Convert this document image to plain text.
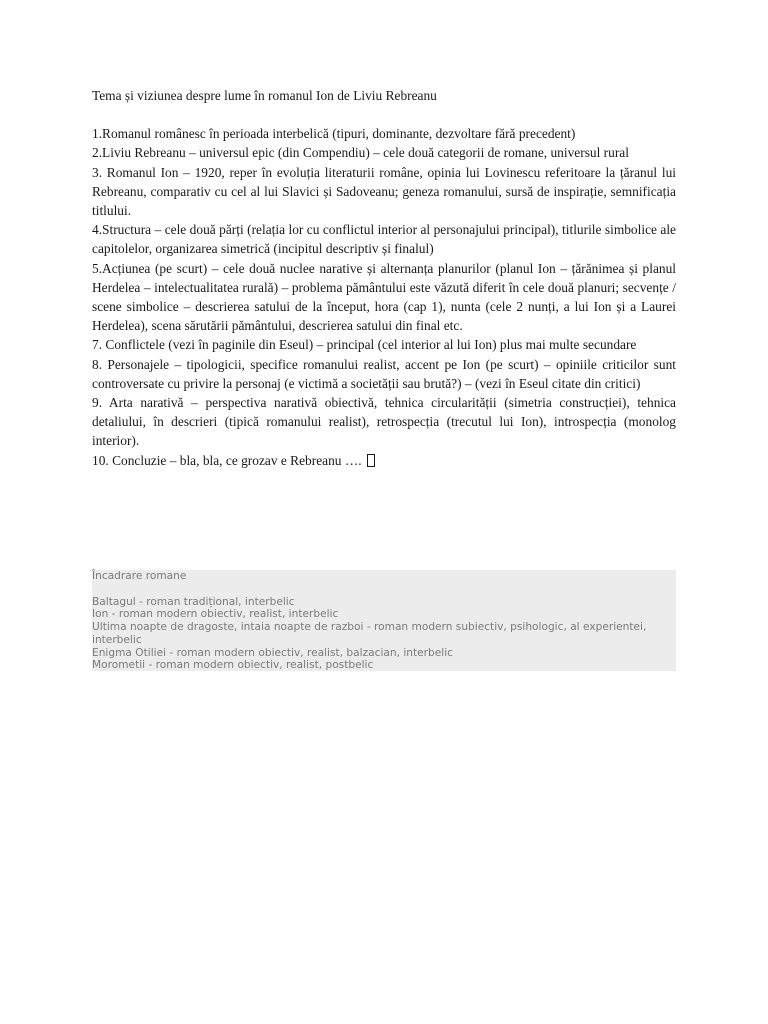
Tema și viziunea despre lume în romanul Ion de Liviu Rebreanu

1.Romanul românesc în perioada interbelică (tipuri, dominante, dezvoltare fără precedent)
2.Liviu Rebreanu – universul epic (din Compendiu) – cele două categorii de romane, universul rural
3. Romanul Ion – 1920, reper în evoluția literaturii române, opinia lui Lovinescu referitoare la țăranul lui Rebreanu, comparativ cu cel al lui Slavici și Sadoveanu; geneza romanului, sursă de inspirație, semnificația titlului.
4.Structura – cele două părți (relația lor cu conflictul interior al personajului principal), titlurile simbolice ale capitolelor, organizarea simetrică (incipitul descriptiv și finalul)
5.Acțiunea (pe scurt) – cele două nuclee narative și alternanța planurilor (planul Ion – țărănimea și planul Herdelea – intelectualitatea rurală) – problema pământului este văzută diferit în cele două planuri; secvențe / scene simbolice – descrierea satului de la început, hora (cap 1), nunta (cele 2 nunți, a lui Ion și a Laurei Herdelea), scena sărutării pământului, descrierea satului din final etc.
7. Conflictele (vezi în paginile din Eseul) – principal (cel interior al lui Ion) plus mai multe secundare
8. Personajele – tipologicii, specifice romanului realist, accent pe Ion (pe scurt) – opiniile criticilor sunt controversate cu privire la personaj (e victimă a societății sau brută?) – (vezi în Eseul citate din critici)
9. Arta narativă – perspectiva narativă obiectivă, tehnica circularității (simetria construcției), tehnica detaliului, în descrieri (tipică romanului realist), retrospecția (trecutul lui Ion), introspecția (monolog interior).
10. Concluzie – bla, bla, ce grozav e Rebreanu ….

Încadrare romane

Baltagul - roman tradițional, interbelic
Ion - roman modern obiectiv, realist, interbelic
Ultima noapte de dragoste, intaia noapte de razboi - roman modern subiectiv, psihologic, al experientei, interbelic
Enigma Otiliei - roman modern obiectiv, realist, balzacian, interbelic
Morometii - roman modern obiectiv, realist, postbelic
